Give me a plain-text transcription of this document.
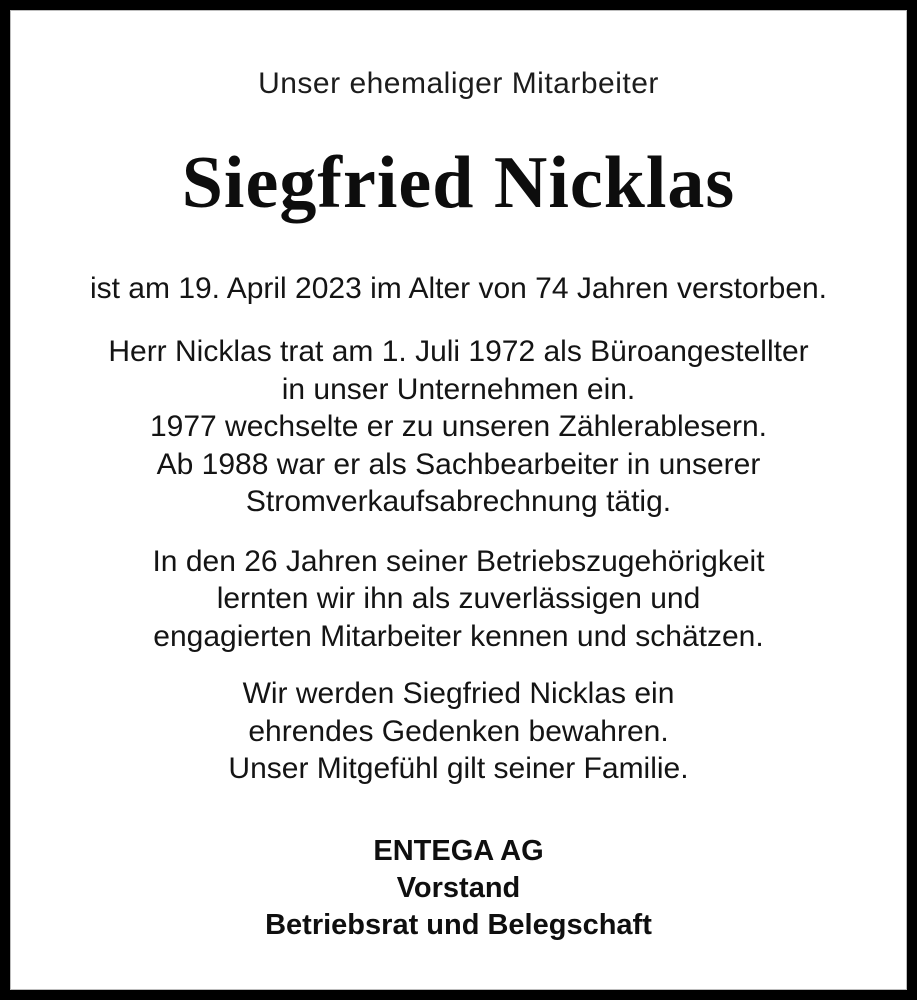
Unser ehemaliger Mitarbeiter
Siegfried Nicklas
ist am 19. April 2023 im Alter von 74 Jahren verstorben.
Herr Nicklas trat am 1. Juli 1972 als Büroangestellter
in unser Unternehmen ein.
1977 wechselte er zu unseren Zählerablesern.
Ab 1988 war er als Sachbearbeiter in unserer
Stromverkaufsabrechnung tätig.
In den 26 Jahren seiner Betriebszugehörigkeit
lernten wir ihn als zuverlässigen und
engagierten Mitarbeiter kennen und schätzen.
Wir werden Siegfried Nicklas ein
ehrendes Gedenken bewahren.
Unser Mitgefühl gilt seiner Familie.
ENTEGA AG
Vorstand
Betriebsrat und Belegschaft
